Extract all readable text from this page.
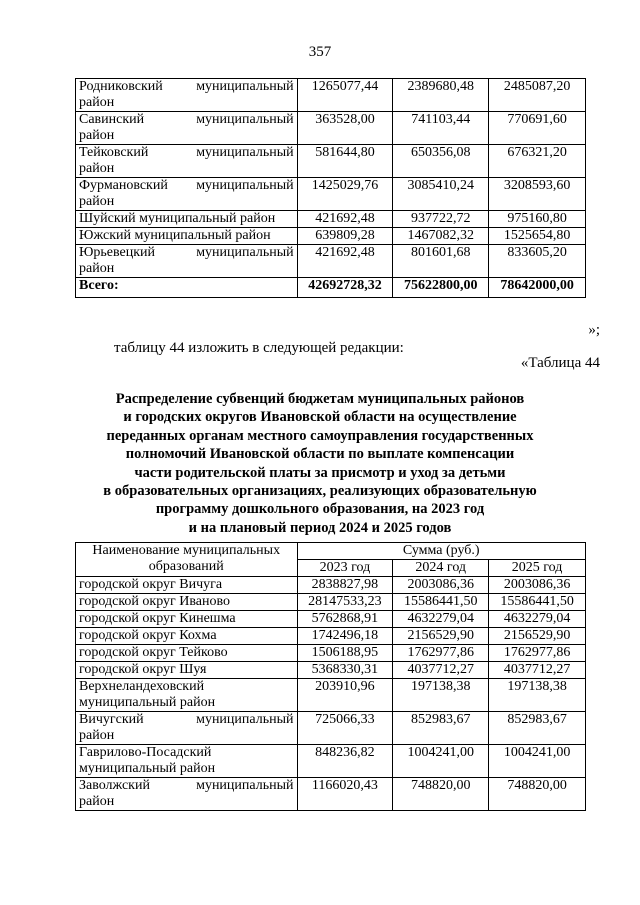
357
Родниковский муниципальный
район	1265077,44	2389680,48	2485087,20

Савинский муниципальный
район	363528,00	741103,44	770691,60

Тейковский муниципальный
район	581644,80	650356,08	676321,20

Фурмановский муниципальный
район	1425029,76	3085410,24	3208593,60
Шуйский муниципальный район	421692,48	937722,72	975160,80
Южский муниципальный район	639809,28	1467082,32	1525654,80

Юрьевецкий муниципальный
район	421692,48	801601,68	833605,20
Всего:	42692728,32	75622800,00	78642000,00
»;
таблицу 44 изложить в следующей редакции:
«Таблица 44
Распределение субвенций бюджетам муниципальных районов
и городских округов Ивановской области на осуществление
переданных органам местного самоуправления государственных
полномочий Ивановской области по выплате компенсации
части родительской платы за присмотр и уход за детьми
в образовательных организациях, реализующих образовательную
программу дошкольного образования, на 2023 год
и на плановый период 2024 и 2025 годов
Наименование муниципальных образований	Сумма (руб.)		
	2023 год	2024 год	2025 год
городской округ Вичуга	2838827,98	2003086,36	2003086,36
городской округ Иваново	28147533,23	15586441,50	15586441,50
городской округ Кинешма	5762868,91	4632279,04	4632279,04
городской округ Кохма	1742496,18	2156529,90	2156529,90
городской округ Тейково	1506188,95	1762977,86	1762977,86
городской округ Шуя	5368330,31	4037712,27	4037712,27
Верхнеландеховский муниципальный район	203910,96	197138,38	197138,38

Вичугский муниципальный
район	725066,33	852983,67	852983,67
Гаврилово-Посадский муниципальный район	848236,82	1004241,00	1004241,00

Заволжский муниципальный
район	1166020,43	748820,00	748820,00
